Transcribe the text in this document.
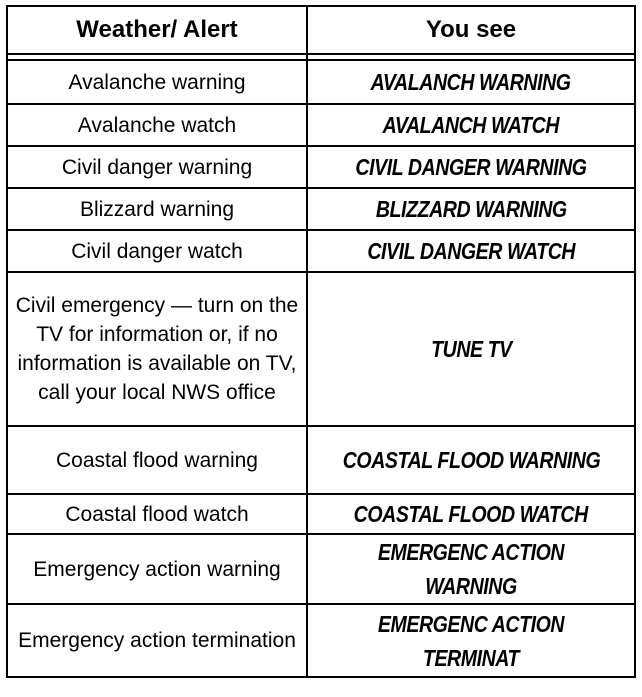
Weather/ Alert	You see

Avalanche warning	AVALANCH WARNING
Avalanche watch	AVALANCH WATCH
Civil danger warning	CIVIL DANGER WARNING
Blizzard warning	BLIZZARD WARNING
Civil danger watch	CIVIL DANGER WATCH
Civil emergency — turn on the TV for information or, if no information is available on TV, call your local NWS office	TUNE TV
Coastal flood warning	COASTAL FLOOD WARNING
Coastal flood watch	COASTAL FLOOD WATCH
Emergency action warning	EMERGENC ACTION WARNING
Emergency action termination	EMERGENC ACTION TERMINAT
